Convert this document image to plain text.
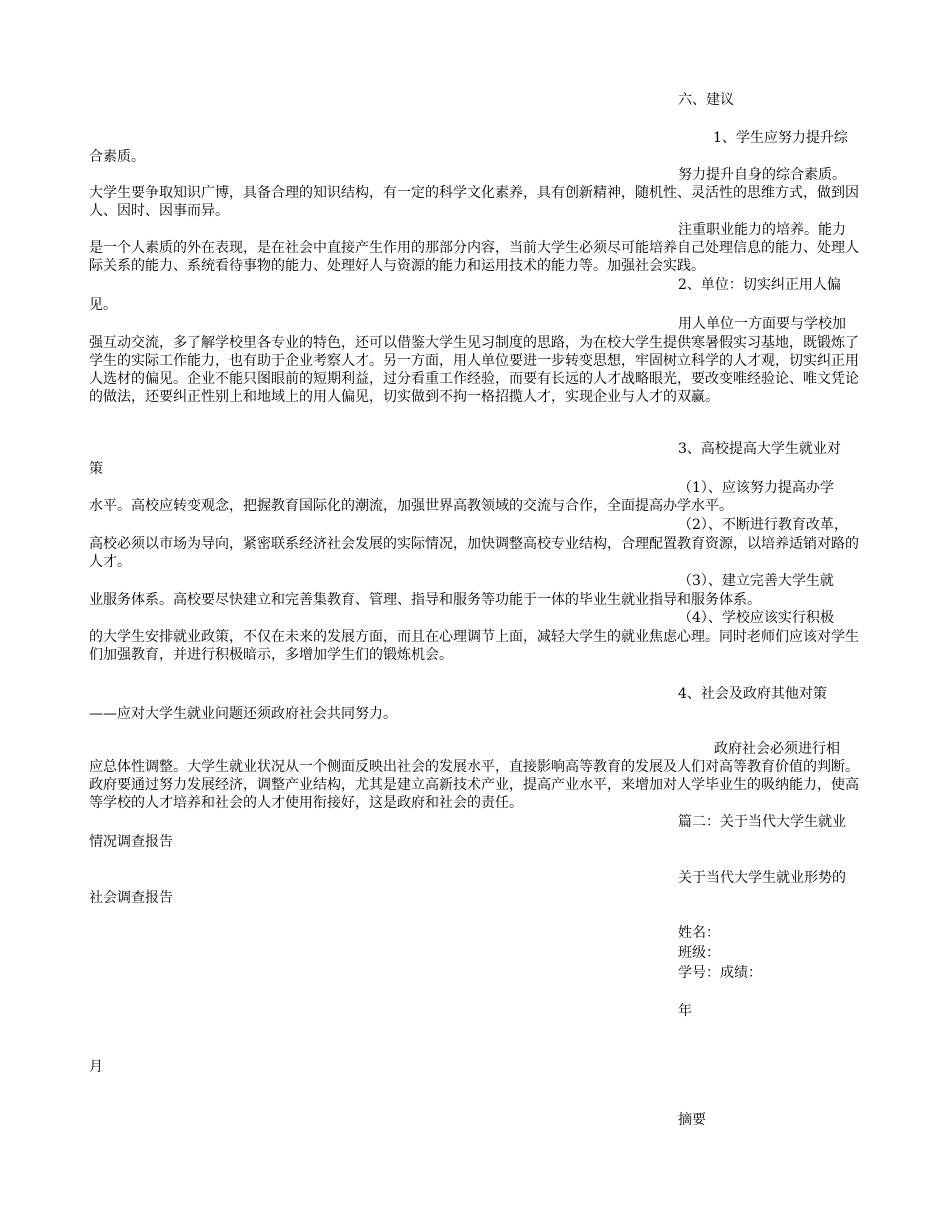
六、建议
1、学生应努力提升综
合素质。
努力提升自身的综合素质。
大学生要争取知识广博，具备合理的知识结构，有一定的科学文化素养，具有创新精神，随机性、灵活性的思维方式，做到因人、因时、因事而异。
注重职业能力的培养。能力
是一个人素质的外在表现，是在社会中直接产生作用的那部分内容，当前大学生必须尽可能培养自己处理信息的能力、处理人际关系的能力、系统看待事物的能力、处理好人与资源的能力和运用技术的能力等。加强社会实践。
2、单位：切实纠正用人偏
见。
用人单位一方面要与学校加
强互动交流，多了解学校里各专业的特色，还可以借鉴大学生见习制度的思路，为在校大学生提供寒暑假实习基地，既锻炼了学生的实际工作能力，也有助于企业考察人才。另一方面，用人单位要进一步转变思想，牢固树立科学的人才观，切实纠正用人选材的偏见。企业不能只图眼前的短期利益，过分看重工作经验，而要有长远的人才战略眼光，要改变唯经验论、唯文凭论的做法，还要纠正性别上和地域上的用人偏见，切实做到不拘一格招揽人才，实现企业与人才的双赢。
3、高校提高大学生就业对
策
（1）、应该努力提高办学
水平。高校应转变观念，把握教育国际化的潮流，加强世界高教领域的交流与合作，全面提高办学水平。
（2）、不断进行教育改革，
高校必须以市场为导向，紧密联系经济社会发展的实际情况，加快调整高校专业结构，合理配置教育资源，以培养适销对路的人才。
（3）、建立完善大学生就
业服务体系。高校要尽快建立和完善集教育、管理、指导和服务等功能于一体的毕业生就业指导和服务体系。
（4）、学校应该实行积极
的大学生安排就业政策，不仅在未来的发展方面，而且在心理调节上面，减轻大学生的就业焦虑心理。同时老师们应该对学生们加强教育，并进行积极暗示，多增加学生们的锻炼机会。
4、社会及政府其他对策
——应对大学生就业问题还须政府社会共同努力。
政府社会必须进行相
应总体性调整。大学生就业状况从一个侧面反映出社会的发展水平，直接影响高等教育的发展及人们对高等教育价值的判断。政府要通过努力发展经济，调整产业结构，尤其是建立高新技术产业，提高产业水平，来增加对人学毕业生的吸纳能力，使高等学校的人才培养和社会的人才使用衔接好，这是政府和社会的责任。
篇二：关于当代大学生就业
情况调查报告
关于当代大学生就业形势的
社会调查报告
姓名：
班级：
学号：成绩：
年
月
摘要
